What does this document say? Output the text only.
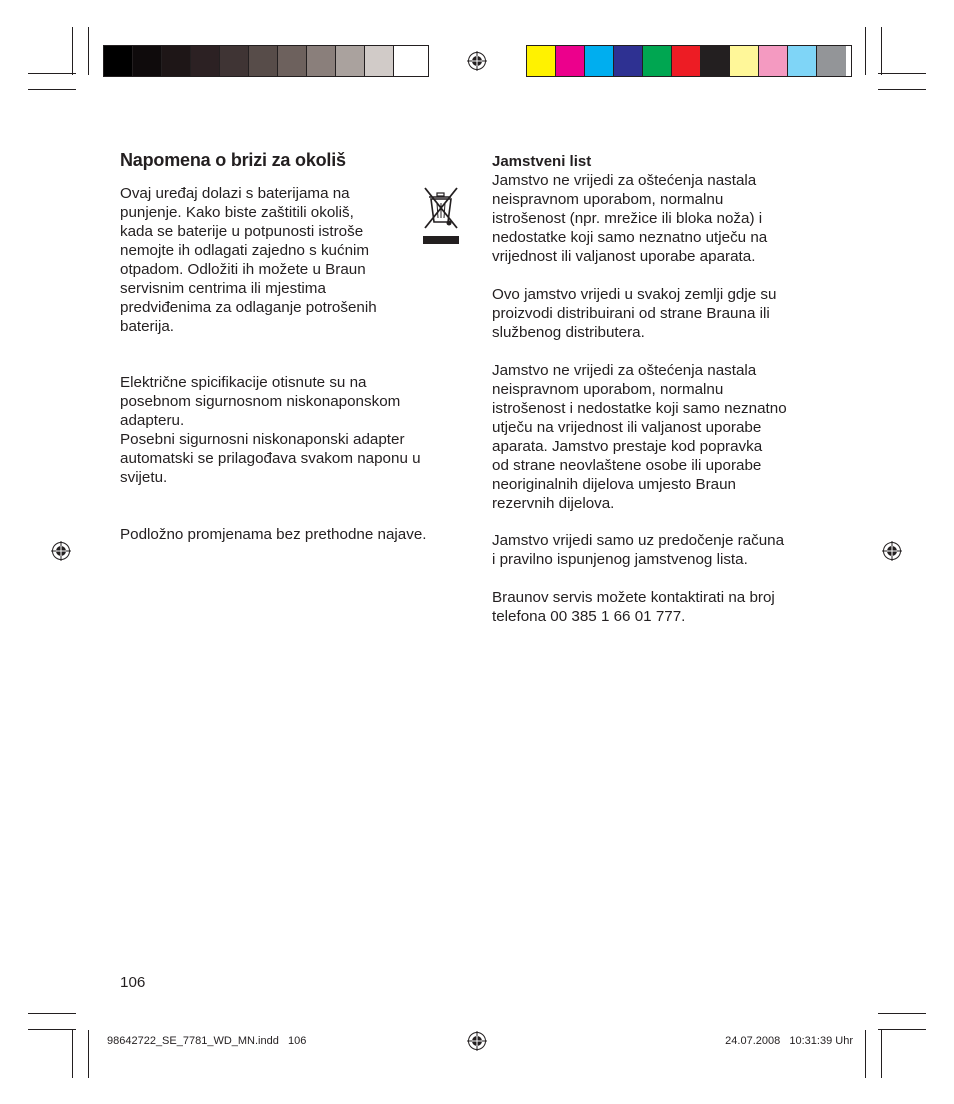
Napomena o brizi za okoliš
Ovaj uređaj dolazi s baterijama na
punjenje. Kako biste zaštitili okoliš,
kada se baterije u potpunosti istroše
nemojte ih odlagati zajedno s kućnim
otpadom. Odložiti ih možete u Braun
servisnim centrima ili mjestima
predviđenima za odlaganje potrošenih
baterija.
Električne spicifikacije otisnute su na
posebnom sigurnosnom niskonaponskom
adapteru.
Posebni sigurnosni niskonaponski adapter
automatski se prilagođava svakom naponu u
svijetu.
Podložno promjenama bez prethodne najave.
Jamstveni list
Jamstvo ne vrijedi za oštećenja nastala
neispravnom uporabom, normalnu
istrošenost (npr. mrežice ili bloka noža) i
nedostatke koji samo neznatno utječu na
vrijednost ili valjanost uporabe aparata.
Ovo jamstvo vrijedi u svakoj zemlji gdje su
proizvodi distribuirani od strane Brauna ili
službenog distributera.
Jamstvo ne vrijedi za oštećenja nastala
neispravnom uporabom, normalnu
istrošenost i nedostatke koji samo neznatno
utječu na vrijednost ili valjanost uporabe
aparata. Jamstvo prestaje kod popravka
od strane neovlaštene osobe ili uporabe
neoriginalnih dijelova umjesto Braun
rezervnih dijelova.
Jamstvo vrijedi samo uz predočenje računa
i pravilno ispunjenog jamstvenog lista.
Braunov servis možete kontaktirati na broj
telefona 00 385 1 66 01 777.
106
98642722_SE_7781_WD_MN.indd   106	24.07.2008   10:31:39 Uhr
